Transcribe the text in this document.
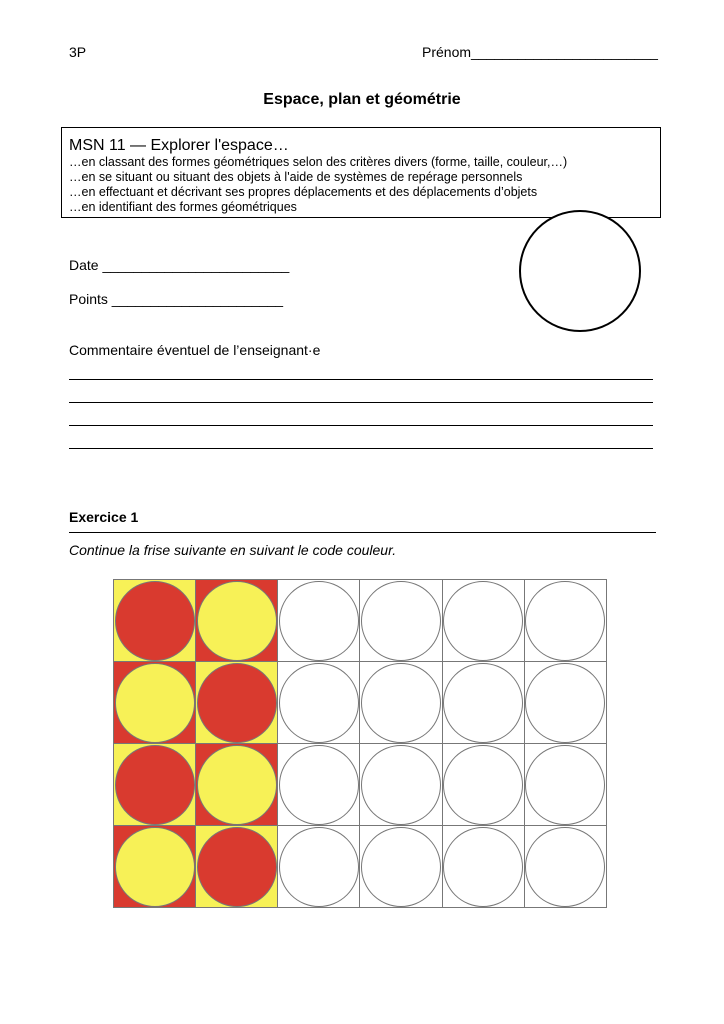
3P	Prénom________________________
Espace, plan et géométrie
MSN 11 — Explorer l'espace…
…en classant des formes géométriques selon des critères divers (forme, taille, couleur,…)
…en se situant ou situant des objets à l'aide de systèmes de repérage personnels
…en effectuant et décrivant ses propres déplacements et des déplacements d’objets
…en identifiant des formes géométriques
Date ________________________
Points ______________________
Commentaire éventuel de l’enseignant·e
Exercice 1
Continue la frise suivante en suivant le code couleur.
